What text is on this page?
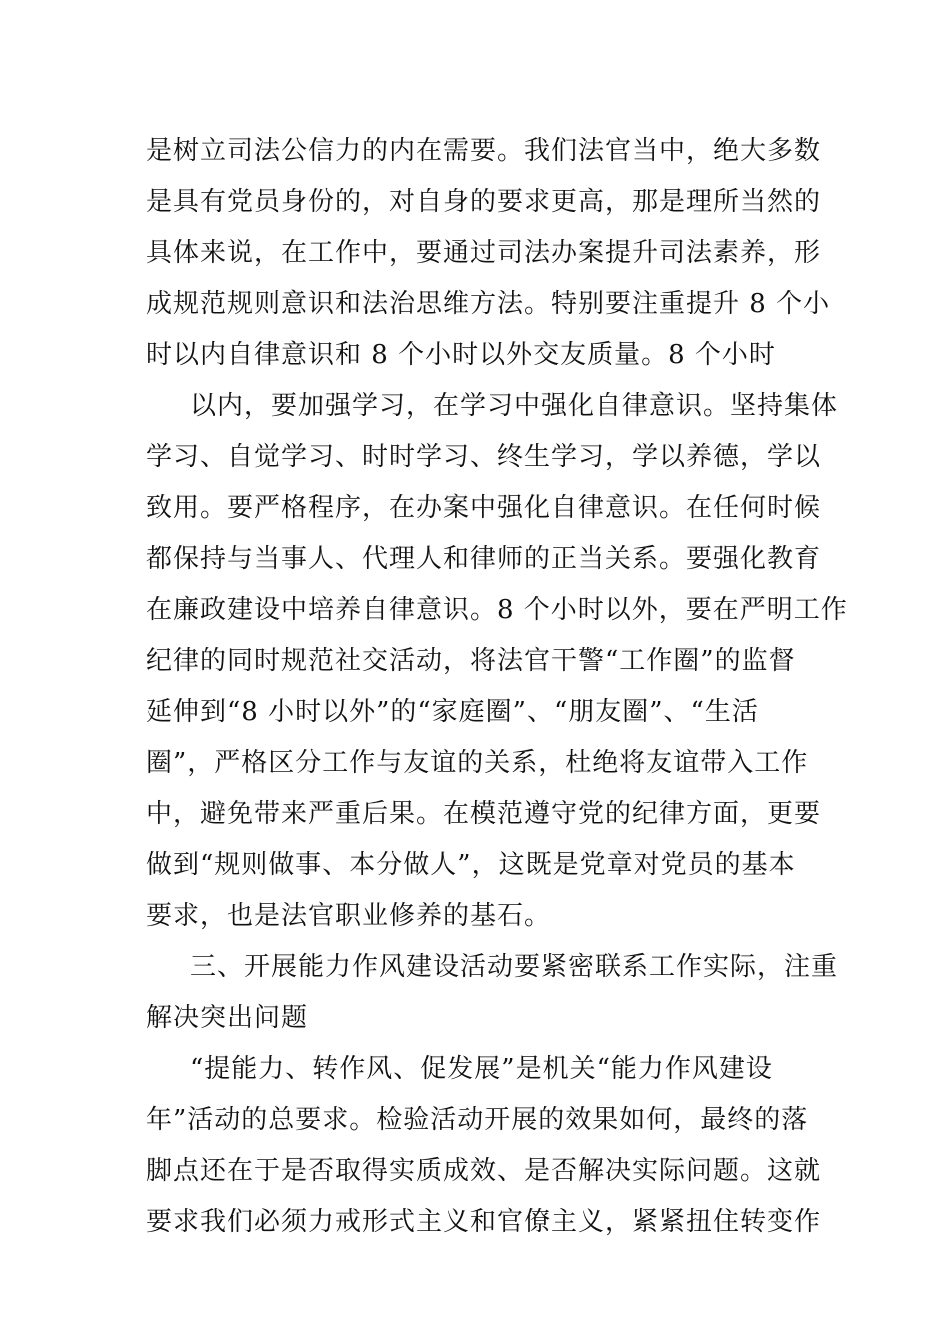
是树立司法公信力的内在需要。我们法官当中，绝大多数
是具有党员身份的，对自身的要求更高，那是理所当然的
具体来说，在工作中，要通过司法办案提升司法素养，形
成规范规则意识和法治思维方法。特别要注重提升 8 个小
时以内自律意识和 8 个小时以外交友质量。8 个小时
以内，要加强学习，在学习中强化自律意识。坚持集体
学习、自觉学习、时时学习、终生学习，学以养德，学以
致用。要严格程序，在办案中强化自律意识。在任何时候
都保持与当事人、代理人和律师的正当关系。要强化教育
在廉政建设中培养自律意识。8 个小时以外，要在严明工作
纪律的同时规范社交活动，将法官干警“工作圈”的监督
延伸到“8 小时以外”的“家庭圈”、“朋友圈”、“生活
圈”，严格区分工作与友谊的关系，杜绝将友谊带入工作
中，避免带来严重后果。在模范遵守党的纪律方面，更要
做到“规则做事、本分做人”，这既是党章对党员的基本
要求，也是法官职业修养的基石。
三、开展能力作风建设活动要紧密联系工作实际，注重
解决突出问题
“提能力、转作风、促发展”是机关“能力作风建设
年”活动的总要求。检验活动开展的效果如何，最终的落
脚点还在于是否取得实质成效、是否解决实际问题。这就
要求我们必须力戒形式主义和官僚主义，紧紧扭住转变作
